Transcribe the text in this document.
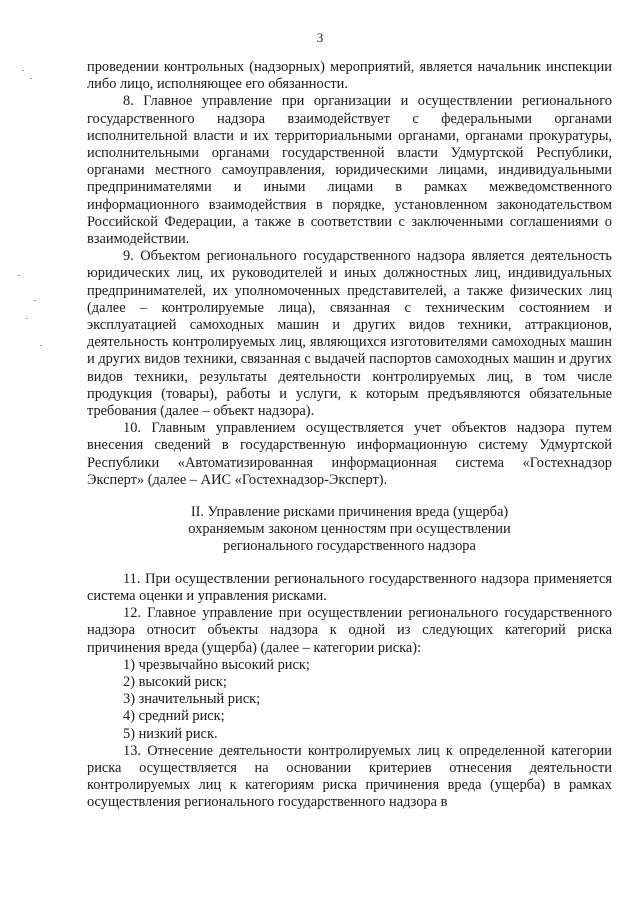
3

проведении контрольных (надзорных) мероприятий, является начальник инспекции либо лицо, исполняющее его обязанности.

8. Главное управление при организации и осуществлении регионального государственного надзора взаимодействует с федеральными органами исполнительной власти и их территориальными органами, органами прокуратуры, исполнительными органами государственной власти Удмуртской Республики, органами местного самоуправления, юридическими лицами, индивидуальными предпринимателями и иными лицами в рамках межведомственного информационного взаимодействия в порядке, установленном законодательством Российской Федерации, а также в соответствии с заключенными соглашениями о взаимодействии.

9. Объектом регионального государственного надзора является деятельность юридических лиц, их руководителей и иных должностных лиц, индивидуальных предпринимателей, их уполномоченных представителей, а также физических лиц (далее – контролируемые лица), связанная с техническим состоянием и эксплуатацией самоходных машин и других видов техники, аттракционов, деятельность контролируемых лиц, являющихся изготовителями самоходных машин и других видов техники, связанная с выдачей паспортов самоходных машин и других видов техники, результаты деятельности контролируемых лиц, в том числе продукция (товары), работы и услуги, к которым предъявляются обязательные требования (далее – объект надзора).

10. Главным управлением осуществляется учет объектов надзора путем внесения сведений в государственную информационную систему Удмуртской Республики «Автоматизированная информационная система «Гостехнадзор Эксперт» (далее – АИС «Гостехнадзор-Эксперт).

II. Управление рисками причинения вреда (ущерба)
охраняемым законом ценностям при осуществлении
регионального государственного надзора

11. При осуществлении регионального государственного надзора применяется система оценки и управления рисками.

12. Главное управление при осуществлении регионального государственного надзора относит объекты надзора к одной из следующих категорий риска причинения вреда (ущерба) (далее – категории риска):

1) чрезвычайно высокий риск;

2) высокий риск;

3) значительный риск;

4) средний риск;

5) низкий риск.

13. Отнесение деятельности контролируемых лиц к определенной категории риска осуществляется на основании критериев отнесения деятельности контролируемых лиц к категориям риска причинения вреда (ущерба) в рамках осуществления регионального государственного надзора в
